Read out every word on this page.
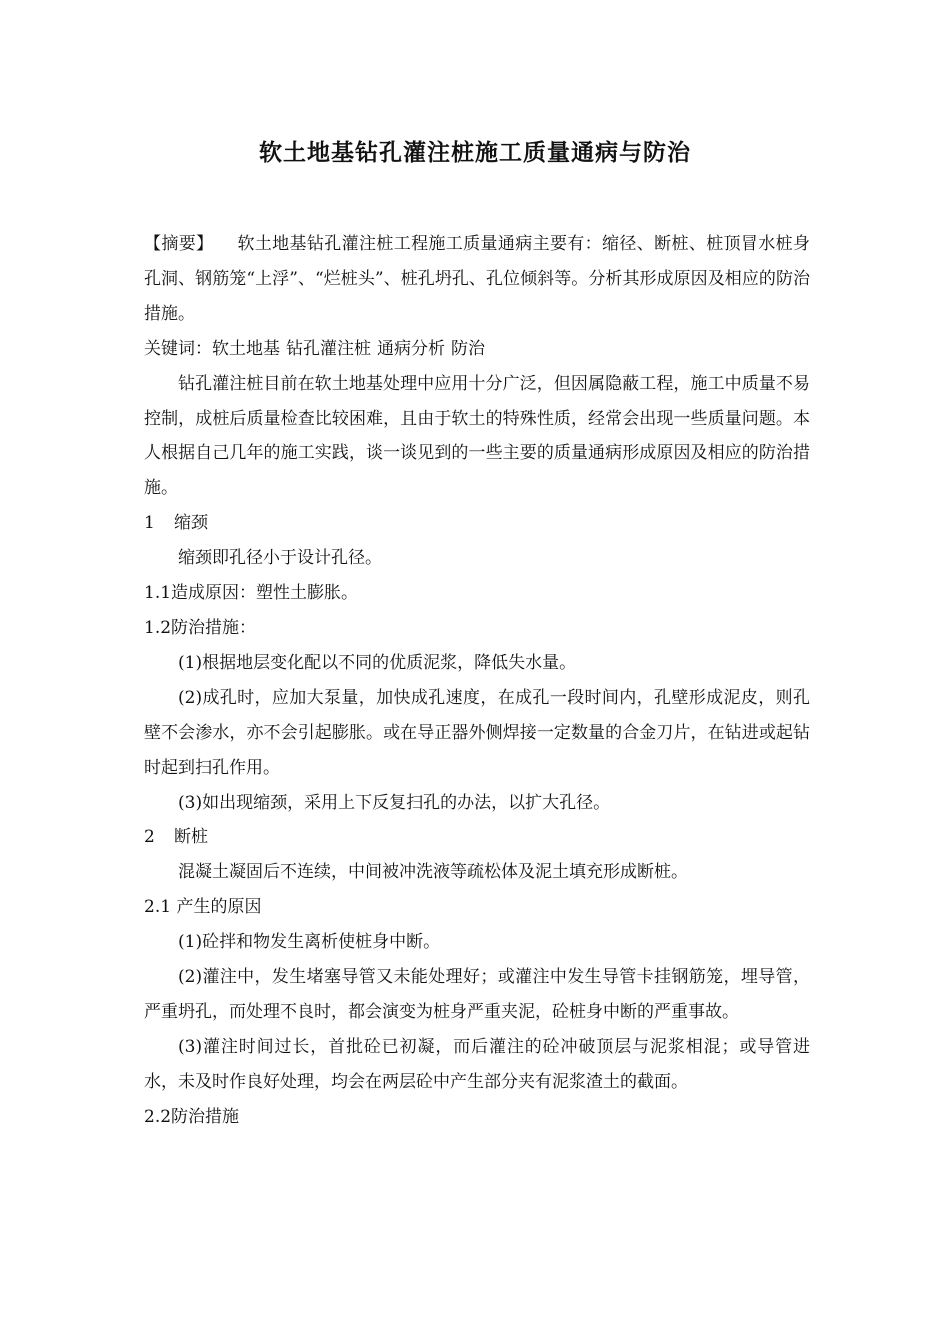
软土地基钻孔灌注桩施工质量通病与防治

【摘要】 软土地基钻孔灌注桩工程施工质量通病主要有：缩径、断桩、桩顶冒水桩身孔洞、钢筋笼“上浮”、“烂桩头”、桩孔坍孔、孔位倾斜等。分析其形成原因及相应的防治措施。

关键词：软土地基 钻孔灌注桩 通病分析 防治

钻孔灌注桩目前在软土地基处理中应用十分广泛，但因属隐蔽工程，施工中质量不易控制，成桩后质量检查比较困难，且由于软土的特殊性质，经常会出现一些质量问题。本人根据自己几年的施工实践，谈一谈见到的一些主要的质量通病形成原因及相应的防治措施。

1 缩颈

缩颈即孔径小于设计孔径。

1.1造成原因：塑性土膨胀。

1.2防治措施：

(1)根据地层变化配以不同的优质泥浆，降低失水量。

(2)成孔时，应加大泵量，加快成孔速度，在成孔一段时间内，孔壁形成泥皮，则孔壁不会渗水，亦不会引起膨胀。或在导正器外侧焊接一定数量的合金刀片，在钻进或起钻时起到扫孔作用。

(3)如出现缩颈，采用上下反复扫孔的办法，以扩大孔径。

2 断桩

混凝土凝固后不连续，中间被冲洗液等疏松体及泥土填充形成断桩。

2.1 产生的原因

(1)砼拌和物发生离析使桩身中断。

(2)灌注中，发生堵塞导管又未能处理好；或灌注中发生导管卡挂钢筋笼，埋导管，严重坍孔，而处理不良时，都会演变为桩身严重夹泥，砼桩身中断的严重事故。

(3)灌注时间过长，首批砼已初凝，而后灌注的砼冲破顶层与泥浆相混；或导管进水，未及时作良好处理，均会在两层砼中产生部分夹有泥浆渣土的截面。

2.2防治措施
